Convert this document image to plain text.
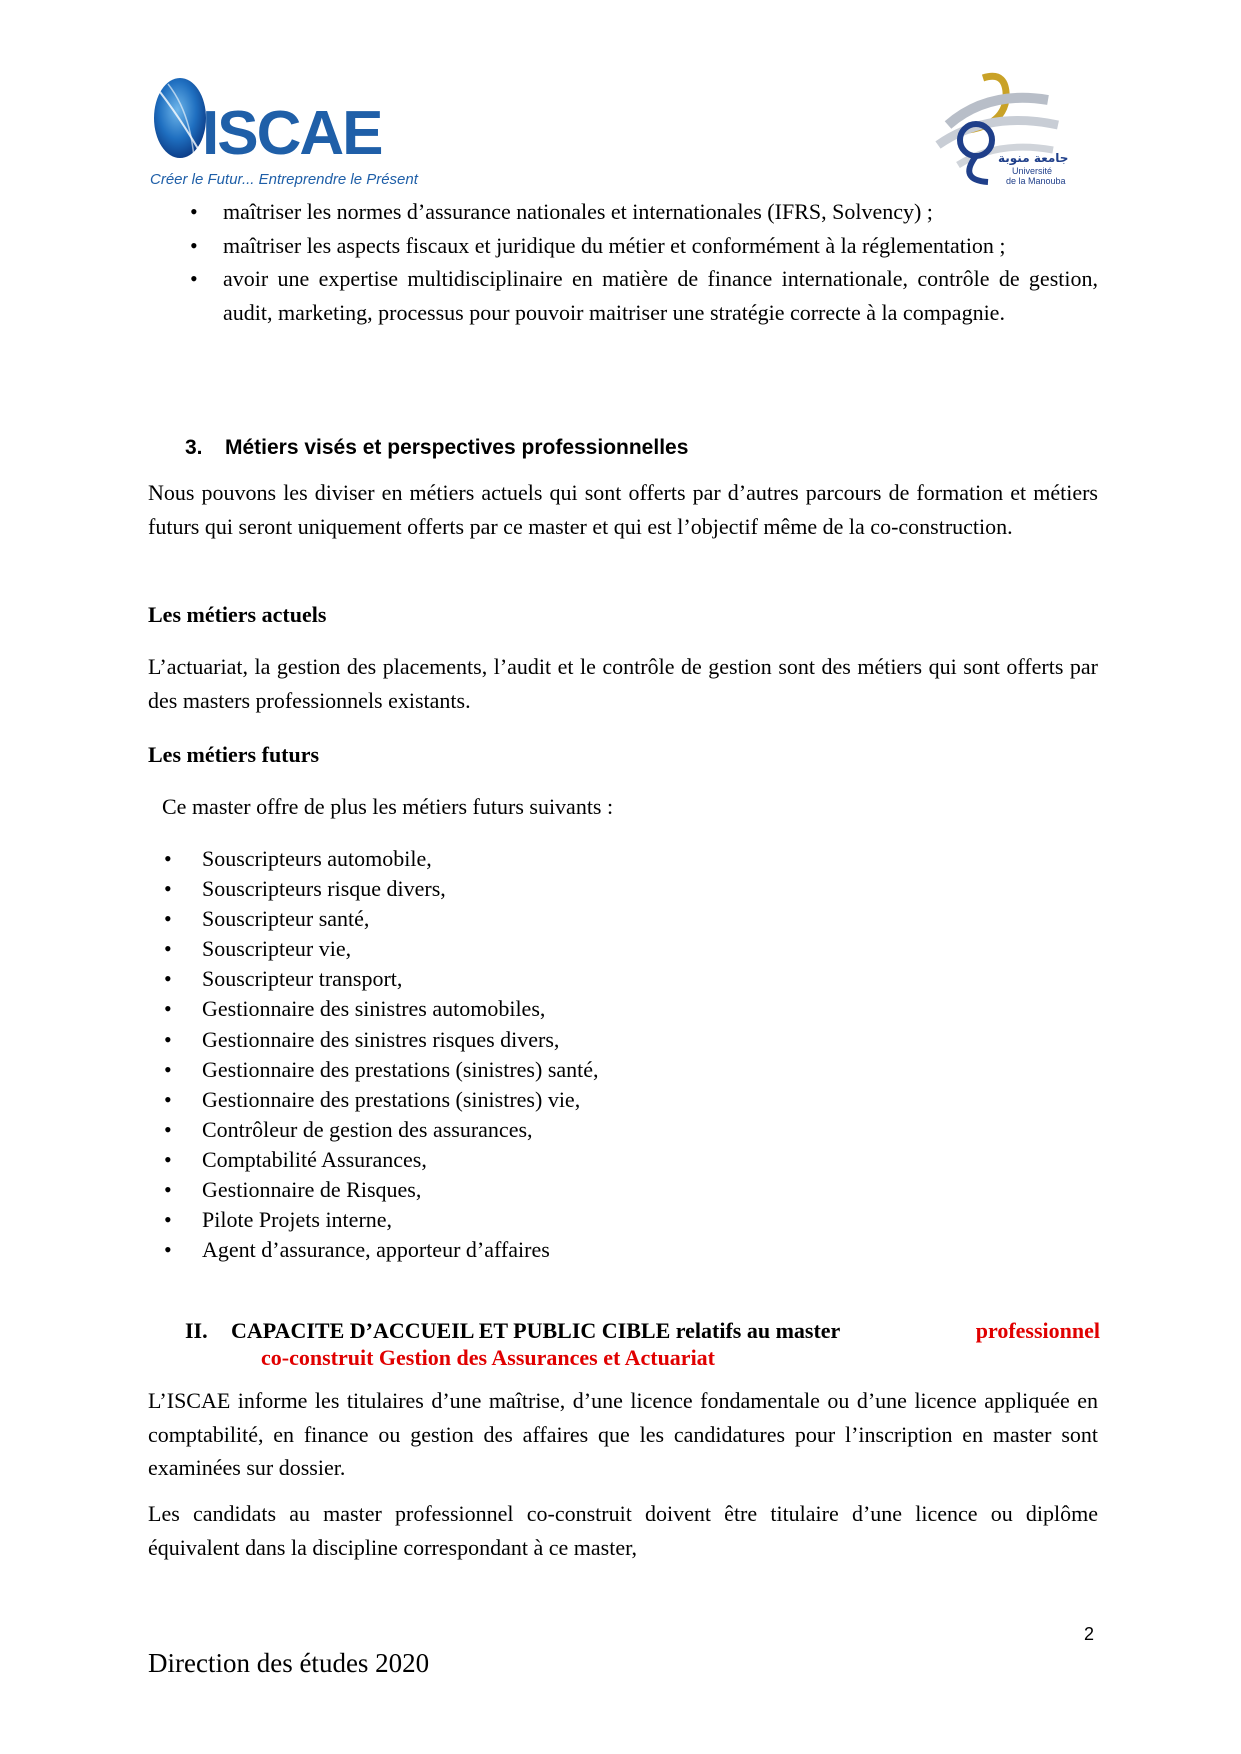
ISCAE
Créer le Futur... Entreprendre le Présent
جامعة منوبة
Université
de la Manouba
• maîtriser les normes d’assurance nationales et internationales (IFRS, Solvency) ;
• maîtriser les aspects fiscaux et juridique du métier et conformément à la réglementation ;
• avoir une expertise multidisciplinaire en matière de finance internationale, contrôle de gestion, audit, marketing, processus pour pouvoir maitriser une stratégie correcte à la compagnie.
3. Métiers visés et perspectives professionnelles
Nous pouvons les diviser en métiers actuels qui sont offerts par d’autres parcours de formation et métiers futurs qui seront uniquement offerts par ce master et qui est l’objectif même de la co-construction.
Les métiers actuels
L’actuariat, la gestion des placements, l’audit et le contrôle de gestion sont des métiers qui sont offerts par des masters professionnels existants.
Les métiers futurs
Ce master offre de plus les métiers futurs suivants :
• Souscripteurs automobile,
• Souscripteurs risque divers,
• Souscripteur santé,
• Souscripteur vie,
• Souscripteur transport,
• Gestionnaire des sinistres automobiles,
• Gestionnaire des sinistres risques divers,
• Gestionnaire des prestations (sinistres) santé,
• Gestionnaire des prestations (sinistres) vie,
• Contrôleur de gestion des assurances,
• Comptabilité Assurances,
• Gestionnaire de Risques,
• Pilote Projets interne,
• Agent d’assurance, apporteur d’affaires
II. CAPACITE D’ACCUEIL ET PUBLIC CIBLE relatifs au master	professionnel
co-construit Gestion des Assurances et Actuariat
L’ISCAE informe les titulaires d’une maîtrise, d’une licence fondamentale ou d’une licence appliquée en comptabilité, en finance ou gestion des affaires que les candidatures pour l’inscription en master sont examinées sur dossier.
Les candidats au master professionnel co-construit doivent être titulaire d’une licence ou diplôme équivalent dans la discipline correspondant à ce master,
2
Direction des études 2020
